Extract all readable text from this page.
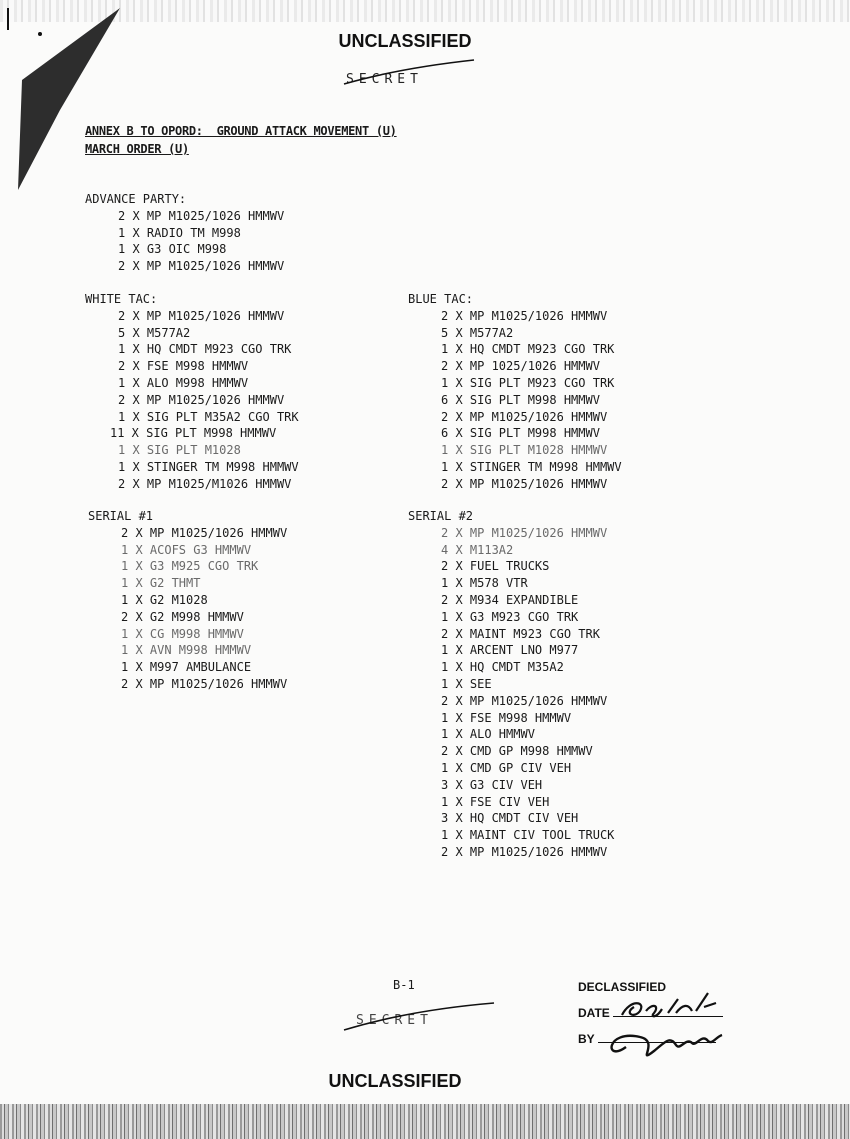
UNCLASSIFIED
SECRET
ANNEX B TO OPORD:  GROUND ATTACK MOVEMENT (U)
MARCH ORDER (U)
ADVANCE PARTY:
2 X MP M1025/1026 HMMWV
1 X RADIO TM M998
1 X G3 OIC M998
2 X MP M1025/1026 HMMWV
WHITE TAC:
2 X MP M1025/1026 HMMWV
5 X M577A2
1 X HQ CMDT M923 CGO TRK
2 X FSE M998 HMMWV
1 X ALO M998 HMMWV
2 X MP M1025/1026 HMMWV
1 X SIG PLT M35A2 CGO TRK
11 X SIG PLT M998 HMMWV
1 X SIG PLT M1028
1 X STINGER TM M998 HMMWV
2 X MP M1025/M1026 HMMWV
BLUE TAC:
2 X MP M1025/1026 HMMWV
5 X M577A2
1 X HQ CMDT M923 CGO TRK
2 X MP 1025/1026 HMMWV
1 X SIG PLT M923 CGO TRK
6 X SIG PLT M998 HMMWV
2 X MP M1025/1026 HMMWV
6 X SIG PLT M998 HMMWV
1 X SIG PLT M1028 HMMWV
1 X STINGER TM M998 HMMWV
2 X MP M1025/1026 HMMWV
SERIAL #1
2 X MP M1025/1026 HMMWV
1 X ACOFS G3 HMMWV
1 X G3 M925 CGO TRK
1 X G2 THMT
1 X G2 M1028
2 X G2 M998 HMMWV
1 X CG M998 HMMWV
1 X AVN M998 HMMWV
1 X M997 AMBULANCE
2 X MP M1025/1026 HMMWV
SERIAL #2
2 X MP M1025/1026 HMMWV
4 X M113A2
2 X FUEL TRUCKS
1 X M578 VTR
2 X M934 EXPANDIBLE
1 X G3 M923 CGO TRK
2 X MAINT M923 CGO TRK
1 X ARCENT LNO M977
1 X HQ CMDT M35A2
1 X SEE
2 X MP M1025/1026 HMMWV
1 X FSE M998 HMMWV
1 X ALO HMMWV
2 X CMD GP M998 HMMWV
1 X CMD GP CIV VEH
3 X G3 CIV VEH
1 X FSE CIV VEH
3 X HQ CMDT CIV VEH
1 X MAINT CIV TOOL TRUCK
2 X MP M1025/1026 HMMWV
B-1
SECRET
DECLASSIFIED
DATE
BY
UNCLASSIFIED
